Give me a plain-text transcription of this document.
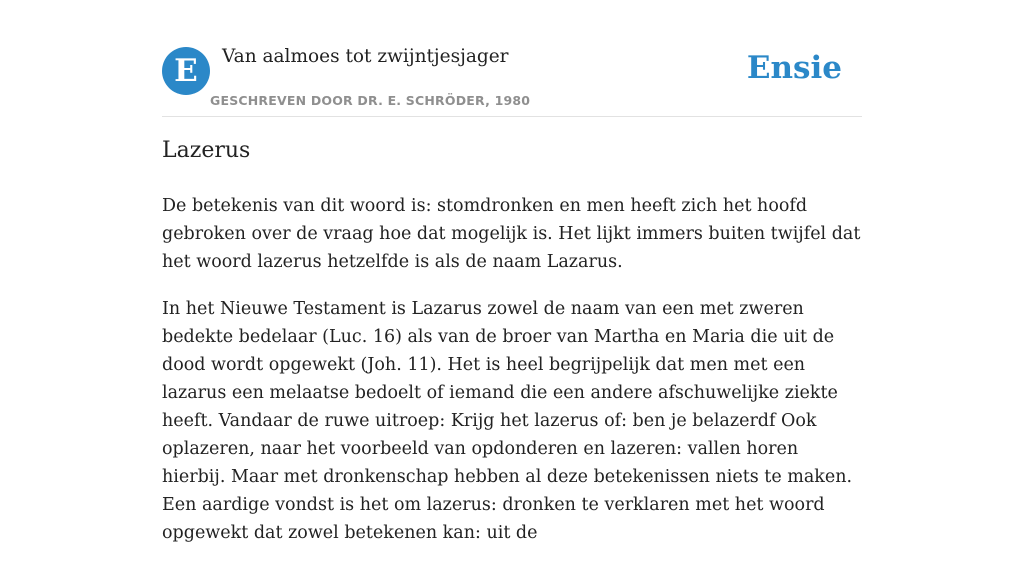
E	Van aalmoes tot zwijntjesjager
GESCHREVEN DOOR DR. E. SCHRÖDER, 1980
Ensie
Lazerus

De betekenis van dit woord is: stomdronken en men heeft zich het hoofd gebroken over de vraag hoe dat mogelijk is. Het lijkt immers buiten twijfel dat het woord lazerus hetzelfde is als de naam Lazarus.

In het Nieuwe Testament is Lazarus zowel de naam van een met zweren bedekte bedelaar (Luc. 16) als van de broer van Martha en Maria die uit de dood wordt opgewekt (Joh. 11). Het is heel begrijpelijk dat men met een lazarus een melaatse bedoelt of iemand die een andere afschuwelijke ziekte heeft. Vandaar de ruwe uitroep: Krijg het lazerus of: ben je belazerdf Ook oplazeren, naar het voorbeeld van opdonderen en lazeren: vallen horen hierbij. Maar met dronkenschap hebben al deze betekenissen niets te maken. Een aardige vondst is het om lazerus: dronken te verklaren met het woord opgewekt dat zowel betekenen kan: uit de
